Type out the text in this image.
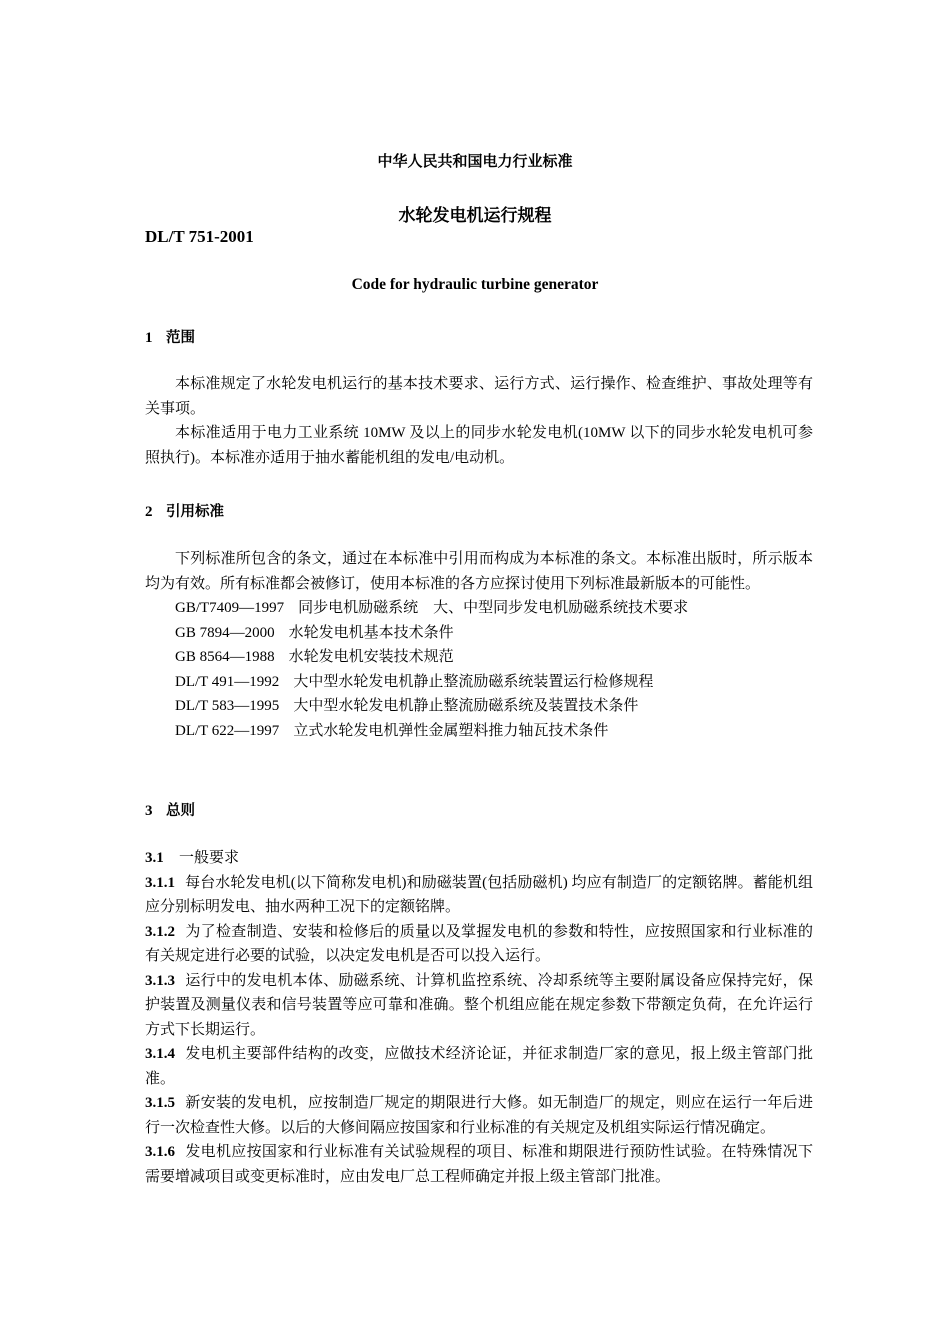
中华人民共和国电力行业标准
水轮发电机运行规程
DL/T 751-2001
Code for hydraulic turbine generator
1 范围

本标准规定了水轮发电机运行的基本技术要求、运行方式、运行操作、检查维护、事故处理等有关事项。

本标准适用于电力工业系统 10MW 及以上的同步水轮发电机(10MW 以下的同步水轮发电机可参照执行)。本标准亦适用于抽水蓄能机组的发电/电动机。

2 引用标准

下列标准所包含的条文，通过在本标准中引用而构成为本标准的条文。本标准出版时，所示版本均为有效。所有标准都会被修订，使用本标准的各方应探讨使用下列标准最新版本的可能性。

GB/T7409—1997 同步电机励磁系统　大、中型同步发电机励磁系统技术要求

GB 7894—2000 水轮发电机基本技术条件

GB 8564—1988 水轮发电机安装技术规范

DL/T 491—1992 大中型水轮发电机静止整流励磁系统装置运行检修规程

DL/T 583—1995 大中型水轮发电机静止整流励磁系统及装置技术条件

DL/T 622—1997 立式水轮发电机弹性金属塑料推力轴瓦技术条件

3 总则

3.1 一般要求

3.1.1 每台水轮发电机(以下简称发电机)和励磁装置(包括励磁机) 均应有制造厂的定额铭牌。蓄能机组应分别标明发电、抽水两种工况下的定额铭牌。

3.1.2 为了检查制造、安装和检修后的质量以及掌握发电机的参数和特性，应按照国家和行业标准的有关规定进行必要的试验，以决定发电机是否可以投入运行。

3.1.3 运行中的发电机本体、励磁系统、计算机监控系统、冷却系统等主要附属设备应保持完好，保护装置及测量仪表和信号装置等应可靠和准确。整个机组应能在规定参数下带额定负荷，在允许运行方式下长期运行。

3.1.4 发电机主要部件结构的改变，应做技术经济论证，并征求制造厂家的意见，报上级主管部门批准。

3.1.5 新安装的发电机，应按制造厂规定的期限进行大修。如无制造厂的规定，则应在运行一年后进行一次检查性大修。以后的大修间隔应按国家和行业标准的有关规定及机组实际运行情况确定。

3.1.6 发电机应按国家和行业标准有关试验规程的项目、标准和期限进行预防性试验。在特殊情况下需要增减项目或变更标准时，应由发电厂总工程师确定并报上级主管部门批准。
